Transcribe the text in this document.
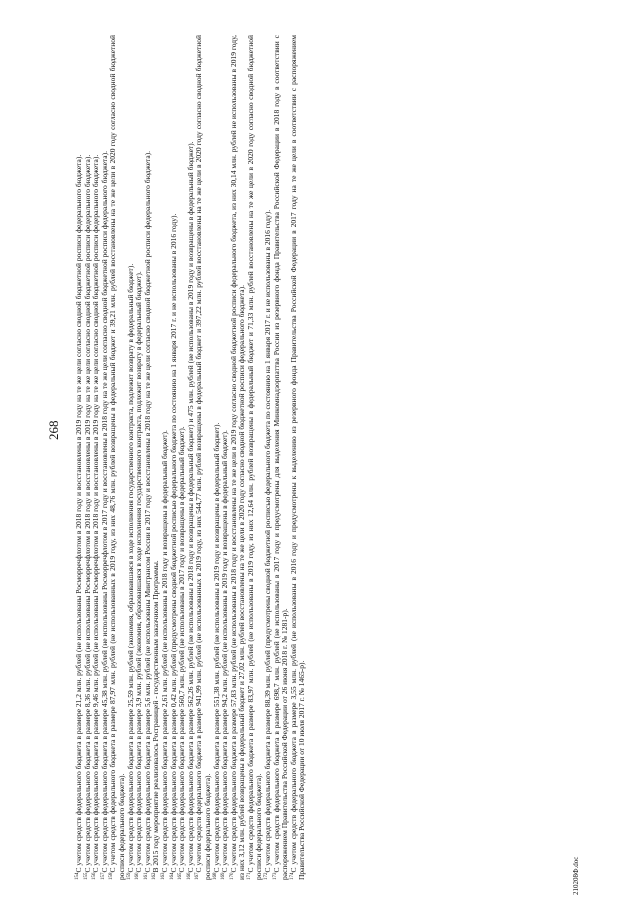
268

$^{154}$С учетом средств федерального бюджета в размере 21,2 млн. рублей (не использованы Росморречфлотом в 2018 году и восстановлены в 2019 году на те же цели согласно сводной бюджетной росписи федерального бюджета).

$^{155}$С учетом средств федерального бюджета в размере 8,36 млн. рублей (не использованы Росморречфлотом в 2018 году и восстановлены в 2019 году на те же цели согласно сводной бюджетной росписи федерального бюджета).

$^{156}$С учетом средств федерального бюджета в размере 9,46 млн. рублей (не использованы Росморречфлотом в 2018 году и восстановлены в 2019 году на те же цели согласно сводной бюджетной росписи федерального бюджета).

$^{157}$С учетом средств федерального бюджета в размере 45,38 млн. рублей (не использованы Росморречфлотом в 2017 году и восстановлены в 2018 году на те же цели согласно сводной бюджетной росписи федерального бюджета).

$^{158}$С учетом средств федерального бюджета в размере 87,97 млн. рублей (не использованных в 2019 году, из них 48,76 млн. рублей возвращены в федеральный бюджет и 39,21 млн. рублей восстановлены на те же цели в 2020 году согласно сводной бюджетной росписи федерального бюджета). $^{159}$С учетом средств федерального бюджета в размере 25,59 млн. рублей (экономия, образовавшаяся в ходе исполнения государственного контракта, подлежит возврату в федеральный бюджет).

$^{160}$С учетом средств федерального бюджета в размере 3,9 млн. рублей (экономия, образовавшаяся в ходе исполнения государственного контракта, подлежит возврату в федеральный бюджет).

$^{161}$С учетом средств федерального бюджета в размере 5,6 млн. рублей (не использованы Минтрансом России в 2017 году и восстановлены в 2018 году на те же цели согласно сводной бюджетной росписи федерального бюджета).

$^{162}$В 2015 году мероприятие реализовалось Росграницей - государственным заказчиком Программы.

$^{163}$С учетом средств федерального бюджета в размере 2,61 млн. рублей (не использованы в 2018 году и возвращены в федеральный бюджет).

$^{164}$С учетом средств федерального бюджета в размере 0,42 млн. рублей (предусмотрены сводной бюджетной росписью федерального бюджета по состоянию на 1 января 2017 г. и не использованы в 2016 году).

$^{165}$С учетом средств федерального бюджета в размере 560,7 млн. рублей (не использованы в 2017 году и возвращены в федеральный бюджет).

$^{166}$С учетом средств федерального бюджета в размере 562,26 млн. рублей (не использованы в 2018 году и возвращены в федеральный бюджет) и 475 млн. рублей (не использованы в 2019 году и возвращены в федеральный бюджет).

$^{167}$С учетом средств федерального бюджета в размере 941,99 млн. рублей (не использованных в 2019 году, из них 544,77 млн. рублей возвращены в федеральный бюджет и 397,22 млн. рублей восстановлены на те же цели в 2020 году согласно сводной бюджетной росписи федерального бюджета). $^{168}$С учетом средств федерального бюджета в размере 551,38 млн. рублей (не использованы в 2019 году и возвращены в федеральный бюджет).

$^{169}$С учетом средств федерального бюджета в размере 94,2 млн. рублей (не использованы в 2019 году и возвращены в федеральный бюджет).

$^{170}$С учетом средств федерального бюджета в размере 57,83 млн. рублей (не использованы в 2018 году и восстановлены на те же цели в 2019 году согласно сводной бюджетной росписи федерального бюджета, из них 30,14 млн. рублей не использованы в 2019 году, из них 3,12 млн. рублей возвращены в федеральный бюджет и 27,02 млн. рублей восстановлены на те же цели в 2020 году согласно сводной бюджетной росписи федерального бюджета). $^{171}$С учетом средств федерального бюджета в размере 83,97 млн. рублей (не использованы в 2019 году, из них 12,64 млн. рублей возвращены в федеральный бюджет и 71,33 млн. рублей восстановлены на те же цели в 2020 году согласно сводной бюджетной росписи федерального бюджета). $^{172}$С учетом средств федерального бюджета в размере 88,39 млн. рублей (предусмотрены сводной бюджетной росписью федерального бюджета по состоянию на 1 января 2017 г. и не использованы в 2016 году).

$^{173}$С учетом средств федерального бюджета в размере 698,7 млн. рублей (не использованы в 2017 году и предусмотрены для выделения Минкомнадзорпаттва России из резервного фонда Правительства Российской Федерации в 2018 году в соответствии с распоряжением Правительства Российской Федерации от 26 июня 2018 г. № 1281-р). $^{174}$С учетом средств федерального бюджета в размере 3,55 млн. рублей (не использованы в 2016 году и предусмотрены к выделению из резервного фонда Правительства Российской Федерации в 2017 году на те же цели в соответствии с распоряжением Правительства Российской Федерации от 10 июля 2017 г. № 1465-р).	210208Ф.doc
